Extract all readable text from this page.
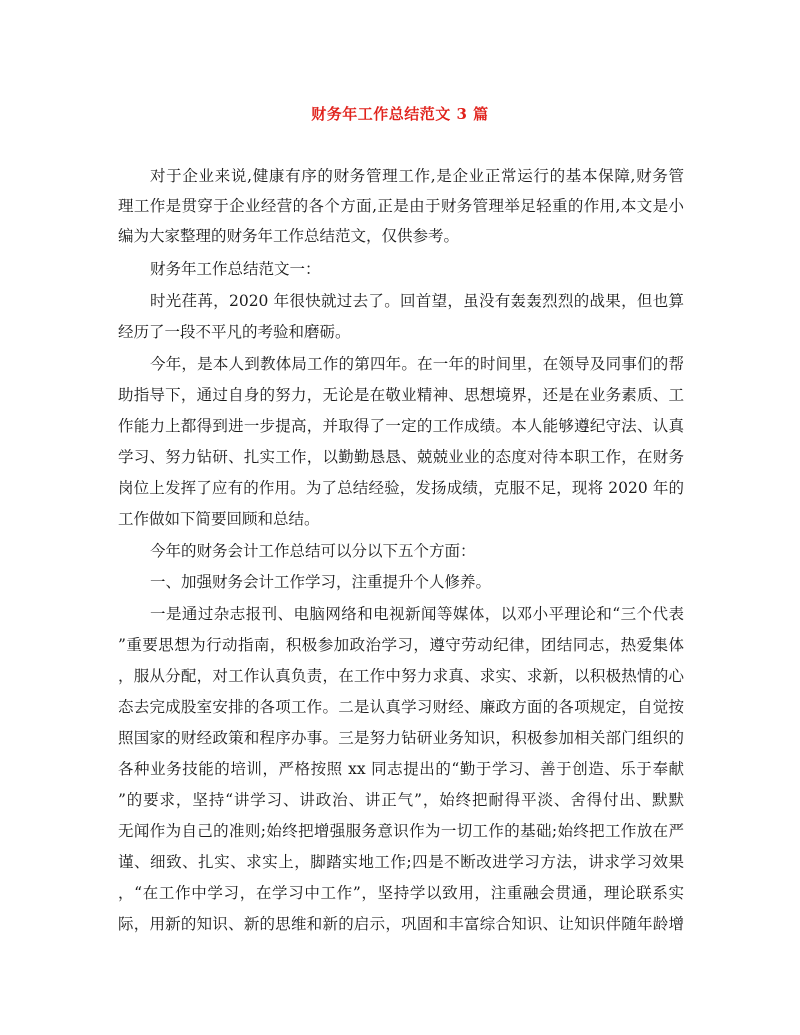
财务年工作总结范文 3 篇
对于企业来说,健康有序的财务管理工作,是企业正常运行的基本保障,财务管
理工作是贯穿于企业经营的各个方面,正是由于财务管理举足轻重的作用,本文是小
编为大家整理的财务年工作总结范文，仅供参考。
财务年工作总结范文一：
时光荏苒，2020 年很快就过去了。回首望，虽没有轰轰烈烈的战果，但也算
经历了一段不平凡的考验和磨砺。
今年，是本人到教体局工作的第四年。在一年的时间里，在领导及同事们的帮
助指导下，通过自身的努力，无论是在敬业精神、思想境界，还是在业务素质、工
作能力上都得到进一步提高，并取得了一定的工作成绩。本人能够遵纪守法、认真
学习、努力钻研、扎实工作，以勤勤恳恳、兢兢业业的态度对待本职工作，在财务
岗位上发挥了应有的作用。为了总结经验，发扬成绩，克服不足，现将 2020 年的
工作做如下简要回顾和总结。
今年的财务会计工作总结可以分以下五个方面：
一、加强财务会计工作学习，注重提升个人修养。
一是通过杂志报刊、电脑网络和电视新闻等媒体，以邓小平理论和“三个代表
”重要思想为行动指南，积极参加政治学习，遵守劳动纪律，团结同志，热爱集体
，服从分配，对工作认真负责，在工作中努力求真、求实、求新，以积极热情的心
态去完成股室安排的各项工作。二是认真学习财经、廉政方面的各项规定，自觉按
照国家的财经政策和程序办事。三是努力钻研业务知识，积极参加相关部门组织的
各种业务技能的培训，严格按照 xx 同志提出的“勤于学习、善于创造、乐于奉献
”的要求，坚持“讲学习、讲政治、讲正气”，始终把耐得平淡、舍得付出、默默
无闻作为自己的准则;始终把增强服务意识作为一切工作的基础;始终把工作放在严
谨、细致、扎实、求实上，脚踏实地工作;四是不断改进学习方法，讲求学习效果
，“在工作中学习，在学习中工作”，坚持学以致用，注重融会贯通，理论联系实
际，用新的知识、新的思维和新的启示，巩固和丰富综合知识、让知识伴随年龄增
